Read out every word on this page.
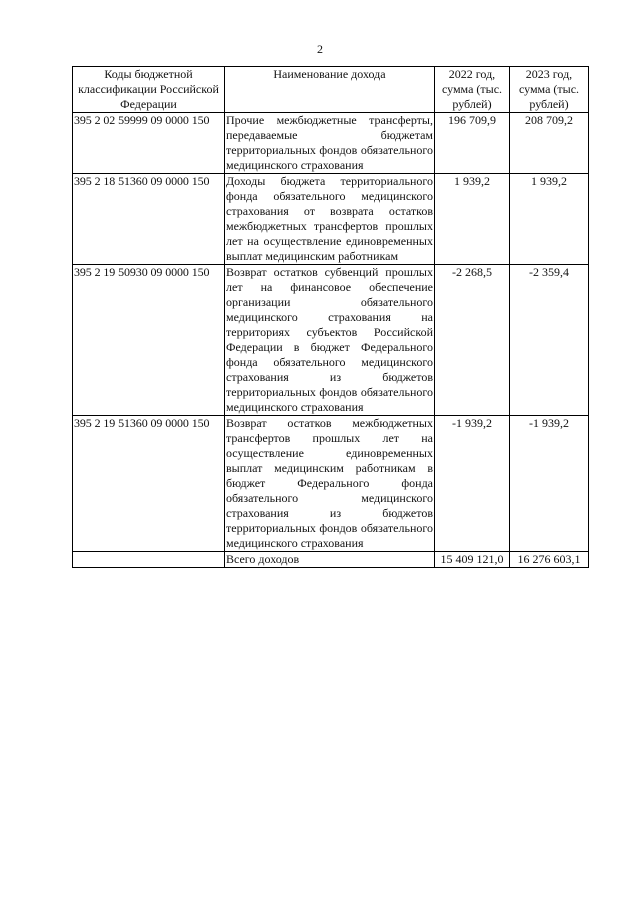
2
Коды бюджетной классификации Российской Федерации	Наименование дохода	2022 год, сумма (тыс. рублей)	2023 год, сумма (тыс. рублей)
395 2 02 59999 09 0000 150	Прочие межбюджетные трансферты, передаваемые бюджетам территориальных фондов обязательного медицинского страхования	196 709,9	208 709,2
395 2 18 51360 09 0000 150	Доходы бюджета территориального фонда обязательного медицинского страхования от возврата остатков межбюджетных трансфертов прошлых лет на осуществление единовременных выплат медицинским работникам	1 939,2	1 939,2
395 2 19 50930 09 0000 150	Возврат остатков субвенций прошлых лет на финансовое обеспечение организации обязательного медицинского страхования на территориях субъектов Российской Федерации в бюджет Федерального фонда обязательного медицинского страхования из бюджетов территориальных фондов обязательного медицинского страхования	-2 268,5	-2 359,4
395 2 19 51360 09 0000 150	Возврат остатков межбюджетных трансфертов прошлых лет на осуществление единовременных выплат медицинским работникам в бюджет Федерального фонда обязательного медицинского страхования из бюджетов территориальных фондов обязательного медицинского страхования	-1 939,2	-1 939,2
	Всего доходов	15 409 121,0	16 276 603,1
